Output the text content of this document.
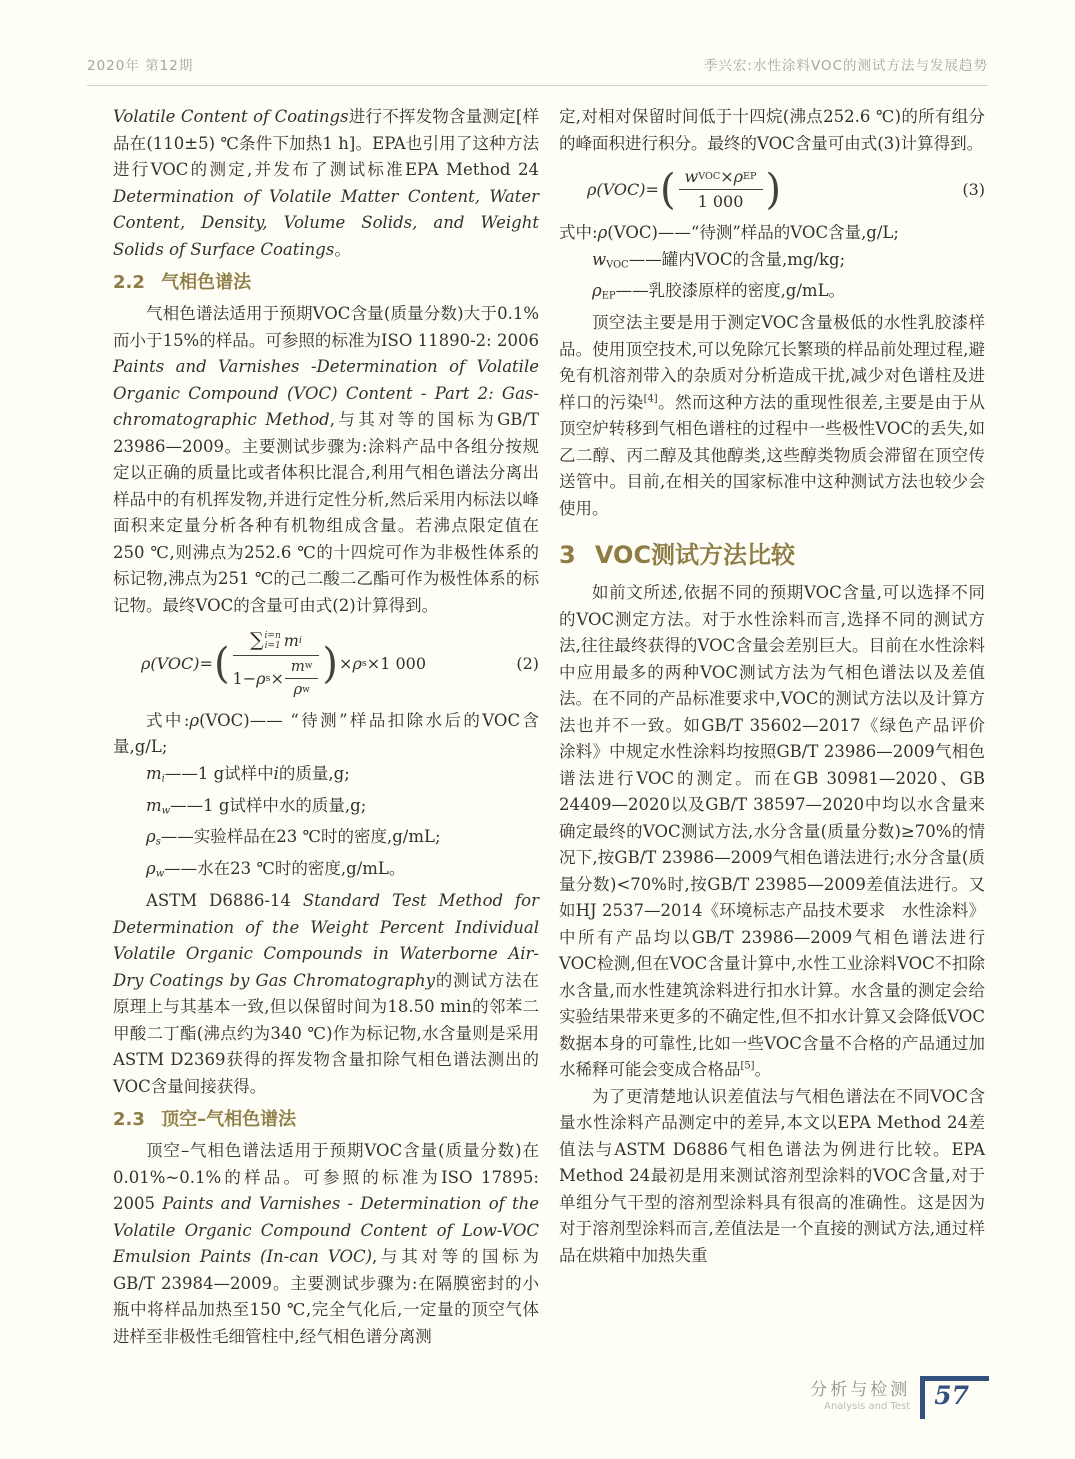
2020年 第12期	季兴宏:水性涂料VOC的测试方法与发展趋势
Volatile Content of Coatings进行不挥发物含量测定[样品在(110±5) ℃条件下加热1 h]。EPA也引用了这种方法进行VOC的测定,并发布了测试标准EPA Method 24 Determination of Volatile Matter Content, Water Content, Density, Volume Solids, and Weight Solids of Surface Coatings。
2.2 气相色谱法
气相色谱法适用于预期VOC含量(质量分数)大于0.1%而小于15%的样品。可参照的标准为ISO 11890-2: 2006 Paints and Varnishes -Determination of Volatile Organic Compound (VOC) Content - Part 2: Gas-chromatographic Method,与其对等的国标为GB/T 23986—2009。主要测试步骤为:涂料产品中各组分按规定以正确的质量比或者体积比混合,利用气相色谱法分离出样品中的有机挥发物,并进行定性分析,然后采用内标法以峰面积来定量分析各种有机物组成含量。若沸点限定值在250 ℃,则沸点为252.6 ℃的十四烷可作为非极性体系的标记物,沸点为251 ℃的己二酸二乙酯可作为极性体系的标记物。最终VOC的含量可由式(2)计算得到。
ρ(VOC)= (
∑ i=n
i=1 m i
1− ρ $s \times \frac{\text{m w}}{\text{ρ w}}$ ) × ρ s ×1 000	(2)
式中:ρ(VOC)—— “待测”样品扣除水后的VOC含量,g/L;
$m_i——1$ g试样中i的质量,g;
$m_w——1$ g试样中水的质量,g;
$\rho_s——$实验样品在23 ℃时的密度,g/mL;
$\rho_w——$水在23 ℃时的密度,g/mL。
ASTM D6886-14 Standard Test Method for Determination of the Weight Percent Individual Volatile Organic Compounds in Waterborne Air-Dry Coatings by Gas Chromatography的测试方法在原理上与其基本一致,但以保留时间为18.50 min的邻苯二甲酸二丁酯(沸点约为340 ℃)作为标记物,水含量则是采用ASTM D2369获得的挥发物含量扣除气相色谱法测出的VOC含量间接获得。
2.3 顶空–气相色谱法
顶空–气相色谱法适用于预期VOC含量(质量分数)在0.01%~0.1%的样品。可参照的标准为ISO 17895: 2005 Paints and Varnishes - Determination of the Volatile Organic Compound Content of Low-VOC Emulsion Paints (In-can VOC),与其对等的国标为GB/T 23984—2009。主要测试步骤为:在隔膜密封的小瓶中将样品加热至150 ℃,完全气化后,一定量的顶空气体进样至非极性毛细管柱中,经气相色谱分离测
定,对相对保留时间低于十四烷(沸点252.6 ℃)的所有组分的峰面积进行积分。最终的VOC含量可由式(3)计算得到。
ρ(VOC)= ( $\frac{\text{w VOC × ρ EP}}{1 000}$ )	(3)
式中:ρ(VOC)——“待测”样品的VOC含量,g/L;
$w_{VOC}——$罐内VOC的含量,mg/kg;
$\rho_{EP}——$乳胶漆原样的密度,g/mL。
顶空法主要是用于测定VOC含量极低的水性乳胶漆样品。使用顶空技术,可以免除冗长繁琐的样品前处理过程,避免有机溶剂带入的杂质对分析造成干扰,减少对色谱柱及进样口的污染[4]。然而这种方法的重现性很差,主要是由于从顶空炉转移到气相色谱柱的过程中一些极性VOC的丢失,如乙二醇、丙二醇及其他醇类,这些醇类物质会滞留在顶空传送管中。目前,在相关的国家标准中这种测试方法也较少会使用。
3 VOC测试方法比较
如前文所述,依据不同的预期VOC含量,可以选择不同的VOC测定方法。对于水性涂料而言,选择不同的测试方法,往往最终获得的VOC含量会差别巨大。目前在水性涂料中应用最多的两种VOC测试方法为气相色谱法以及差值法。在不同的产品标准要求中,VOC的测试方法以及计算方法也并不一致。如GB/T 35602—2017《绿色产品评价　涂料》中规定水性涂料均按照GB/T 23986—2009气相色谱法进行VOC的测定。而在GB 30981—2020、GB 24409—2020以及GB/T 38597—2020中均以水含量来确定最终的VOC测试方法,水分含量(质量分数)≥70%的情况下,按GB/T 23986—2009气相色谱法进行;水分含量(质量分数)<70%时,按GB/T 23985—2009差值法进行。又如HJ 2537—2014《环境标志产品技术要求　水性涂料》中所有产品均以GB/T 23986—2009气相色谱法进行VOC检测,但在VOC含量计算中,水性工业涂料VOC不扣除水含量,而水性建筑涂料进行扣水计算。水含量的测定会给实验结果带来更多的不确定性,但不扣水计算又会降低VOC数据本身的可靠性,比如一些VOC含量不合格的产品通过加水稀释可能会变成合格品[5]。
为了更清楚地认识差值法与气相色谱法在不同VOC含量水性涂料产品测定中的差异,本文以EPA Method 24差值法与ASTM D6886气相色谱法为例进行比较。EPA Method 24最初是用来测试溶剂型涂料的VOC含量,对于单组分气干型的溶剂型涂料具有很高的准确性。这是因为对于溶剂型涂料而言,差值法是一个直接的测试方法,通过样品在烘箱中加热失重
分析与检测
Analysis and Test 57
